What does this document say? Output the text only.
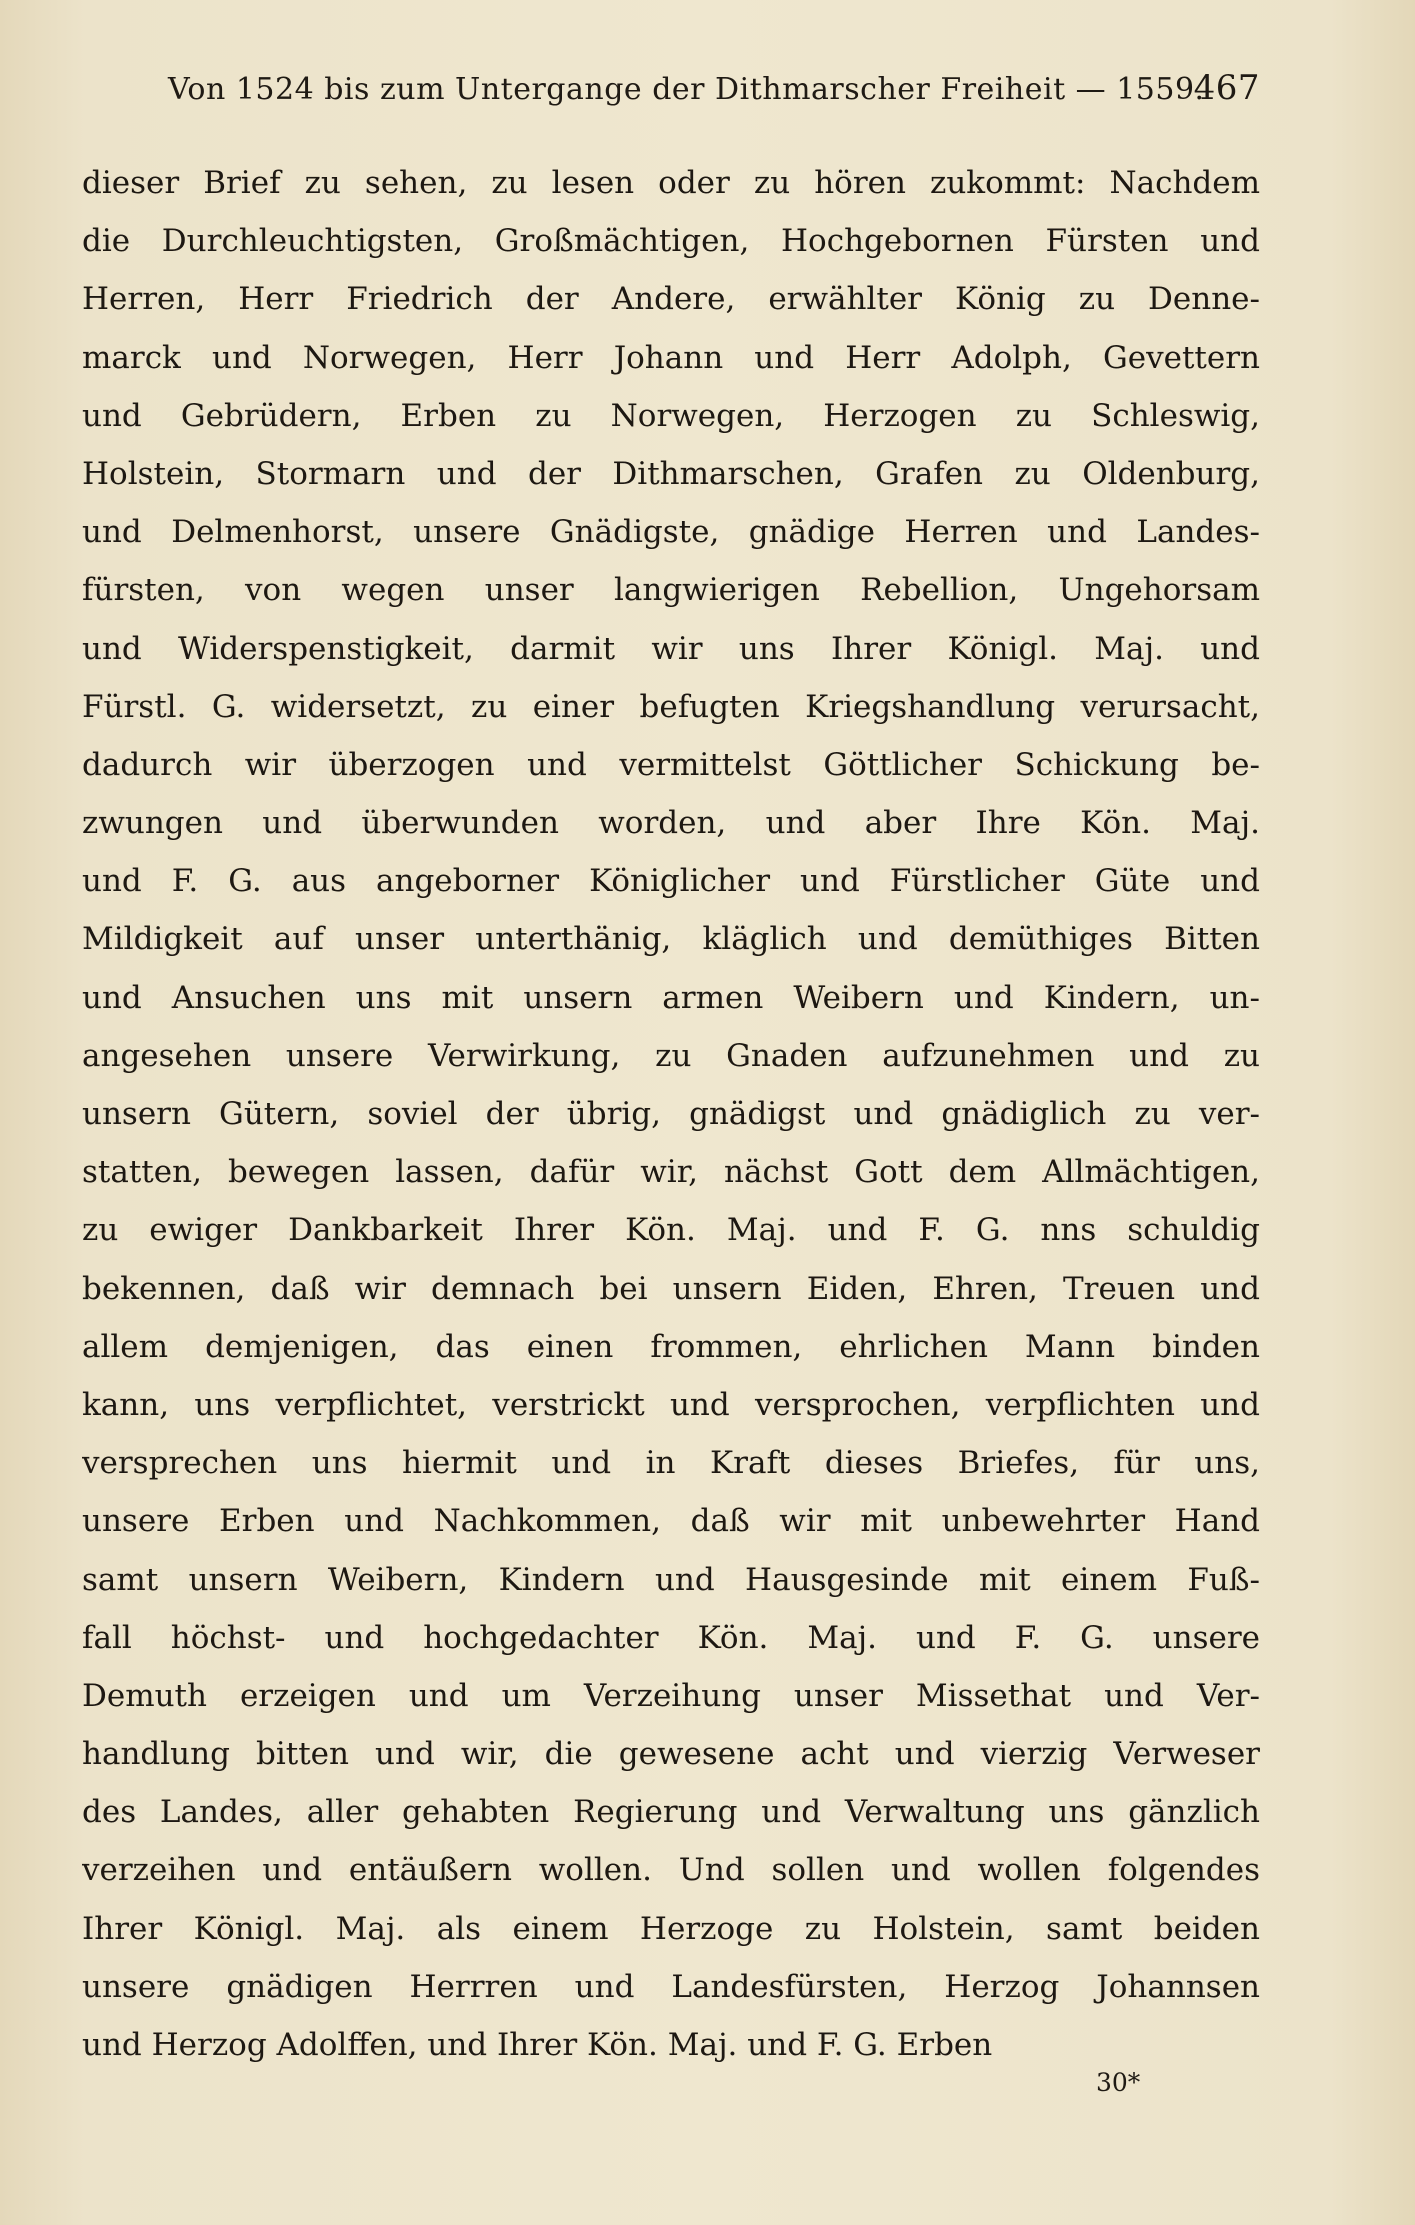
Von 1524 bis zum Untergange der Dithmarscher Freiheit — 1559.
467
dieser Brief zu sehen, zu lesen oder zu hören zukommt: Nachdem
die Durchleuchtigsten, Großmächtigen, Hochgebornen Fürsten und
Herren, Herr Friedrich der Andere, erwählter König zu Denne-
marck und Norwegen, Herr Johann und Herr Adolph, Gevettern
und Gebrüdern, Erben zu Norwegen, Herzogen zu Schleswig,
Holstein, Stormarn und der Dithmarschen, Grafen zu Oldenburg,
und Delmenhorst, unsere Gnädigste, gnädige Herren und Landes-
fürsten, von wegen unser langwierigen Rebellion, Ungehorsam
und Widerspenstigkeit, darmit wir uns Ihrer Königl. Maj. und
Fürstl. G. widersetzt, zu einer befugten Kriegshandlung verursacht,
dadurch wir überzogen und vermittelst Göttlicher Schickung be-
zwungen und überwunden worden, und aber Ihre Kön. Maj.
und F. G. aus angeborner Königlicher und Fürstlicher Güte und
Mildigkeit auf unser unterthänig, kläglich und demüthiges Bitten
und Ansuchen uns mit unsern armen Weibern und Kindern, un-
angesehen unsere Verwirkung, zu Gnaden aufzunehmen und zu
unsern Gütern, soviel der übrig, gnädigst und gnädiglich zu ver-
statten, bewegen lassen, dafür wir, nächst Gott dem Allmächtigen,
zu ewiger Dankbarkeit Ihrer Kön. Maj. und F. G. nns schuldig
bekennen, daß wir demnach bei unsern Eiden, Ehren, Treuen und
allem demjenigen, das einen frommen, ehrlichen Mann binden
kann, uns verpflichtet, verstrickt und versprochen, verpflichten und
versprechen uns hiermit und in Kraft dieses Briefes, für uns,
unsere Erben und Nachkommen, daß wir mit unbewehrter Hand
samt unsern Weibern, Kindern und Hausgesinde mit einem Fuß-
fall höchst- und hochgedachter Kön. Maj. und F. G. unsere
Demuth erzeigen und um Verzeihung unser Missethat und Ver-
handlung bitten und wir, die gewesene acht und vierzig Verweser
des Landes, aller gehabten Regierung und Verwaltung uns gänzlich
verzeihen und entäußern wollen. Und sollen und wollen folgendes
Ihrer Königl. Maj. als einem Herzoge zu Holstein, samt beiden
unsere gnädigen Herrren und Landesfürsten, Herzog Johannsen
und Herzog Adolffen, und Ihrer Kön. Maj. und F. G. Erben
30*
